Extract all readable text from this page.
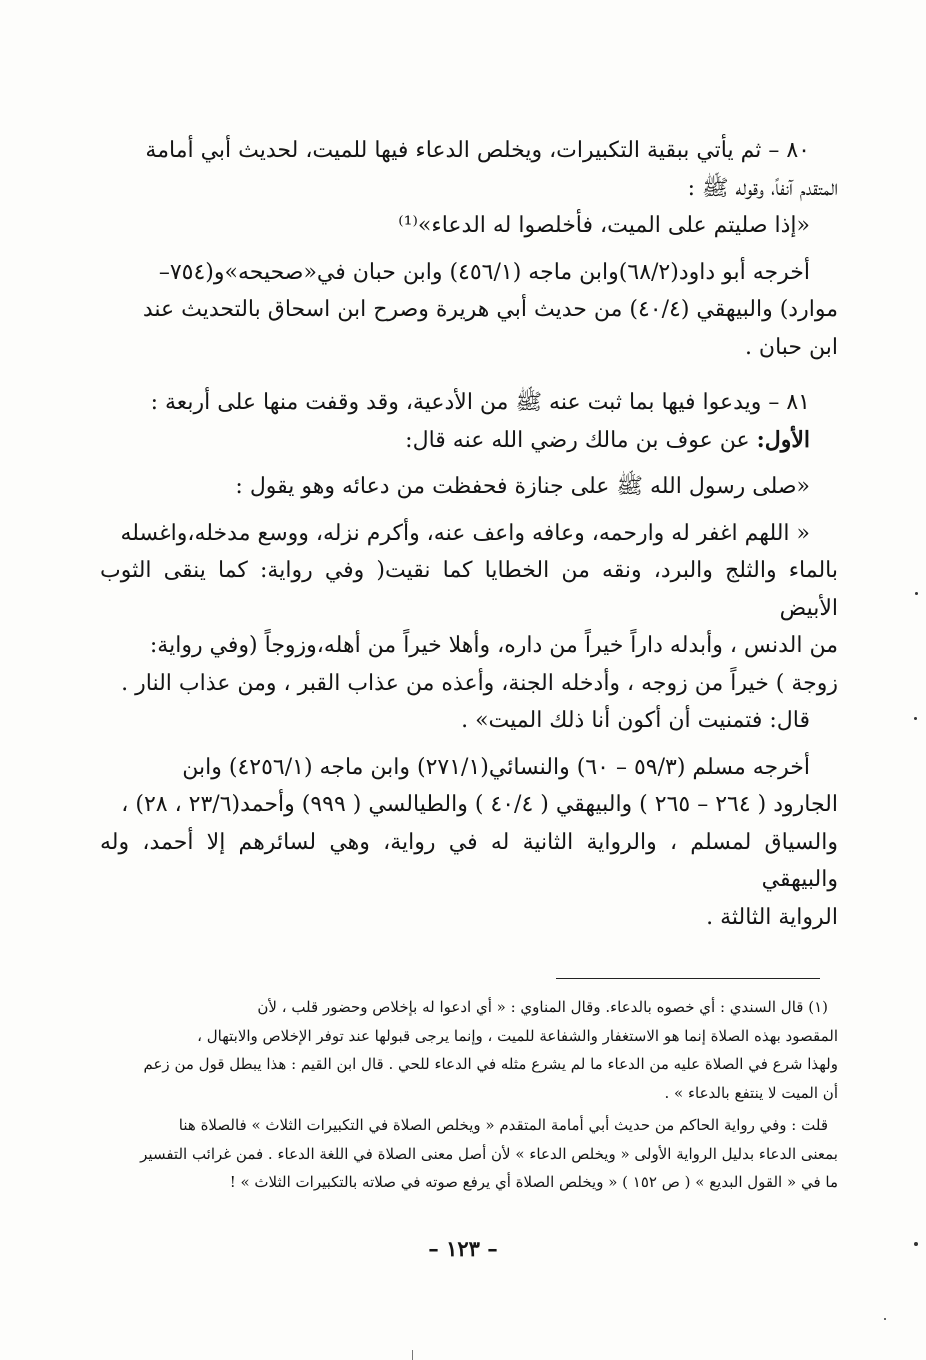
٨٠ – ثم يأتي ببقية التكبيرات، ويخلص الدعاء فيها للميت، لحديث أبي أمامة

المتقدم آنفاً، وقوله ﷺ :

«إذا صليتم على الميت، فأخلصوا له الدعاء»⁽¹⁾

أخرجه أبو داود(٦٨/٢)وابن ماجه (٤٥٦/١) وابن حبان في«صحيحه»و(٧٥٤–

موارد) والبيهقي (٤٠/٤) من حديث أبي هريرة وصرح ابن اسحاق بالتحديث عند

ابن حبان .

٨١ – ويدعوا فيها بما ثبت عنه ﷺ من الأدعية، وقد وقفت منها على أربعة :

الأول: عن عوف بن مالك رضي الله عنه قال:

«صلى رسول الله ﷺ على جنازة فحفظت من دعائه وهو يقول :

« اللهم اغفر له وارحمه، وعافه واعف عنه، وأكرم نزله، ووسع مدخله،واغسله

بالماء والثلج والبرد، ونقه من الخطايا كما نقيت( وفي رواية: كما ينقى الثوب الأبيض

من الدنس ، وأبدله داراً خيراً من داره، وأهلا خيراً من أهله،وزوجاً (وفي رواية:

زوجة ) خيراً من زوجه ، وأدخله الجنة، وأعذه من عذاب القبر ، ومن عذاب النار .

قال: فتمنيت أن أكون أنا ذلك الميت» .

أخرجه مسلم (٥٩/٣ – ٦٠) والنسائي(٢٧١/١) وابن ماجه (٤٢٥٦/١) وابن

الجارود ( ٢٦٤ – ٢٦٥ ) والبيهقي ( ٤٠/٤ ) والطيالسي ( ٩٩٩) وأحمد(٢٣/٦ ، ٢٨) ،

والسياق لمسلم ، والرواية الثانية له في رواية، وهي لسائرهم إلا أحمد، وله والبيهقي

الرواية الثالثة .

(١) قال السندي : أي خصوه بالدعاء. وقال المناوي : « أي ادعوا له بإخلاص وحضور قلب ، لأن

المقصود بهذه الصلاة إنما هو الاستغفار والشفاعة للميت ، وإنما يرجى قبولها عند توفر الإخلاص والابتهال ،

ولهذا شرع في الصلاة عليه من الدعاء ما لم يشرع مثله في الدعاء للحي . قال ابن القيم : هذا يبطل قول من زعم

أن الميت لا ينتفع بالدعاء » .

قلت : وفي رواية الحاكم من حديث أبي أمامة المتقدم « ويخلص الصلاة في التكبيرات الثلاث » فالصلاة هنا

بمعنى الدعاء بدليل الرواية الأولى « ويخلص الدعاء » لأن أصل معنى الصلاة في اللغة الدعاء . فمن غرائب التفسير

ما في « القول البديع » ( ص ١٥٢ ) « ويخلص الصلاة أي يرفع صوته في صلاته بالتكبيرات الثلاث » !

– ١٢٣ –
